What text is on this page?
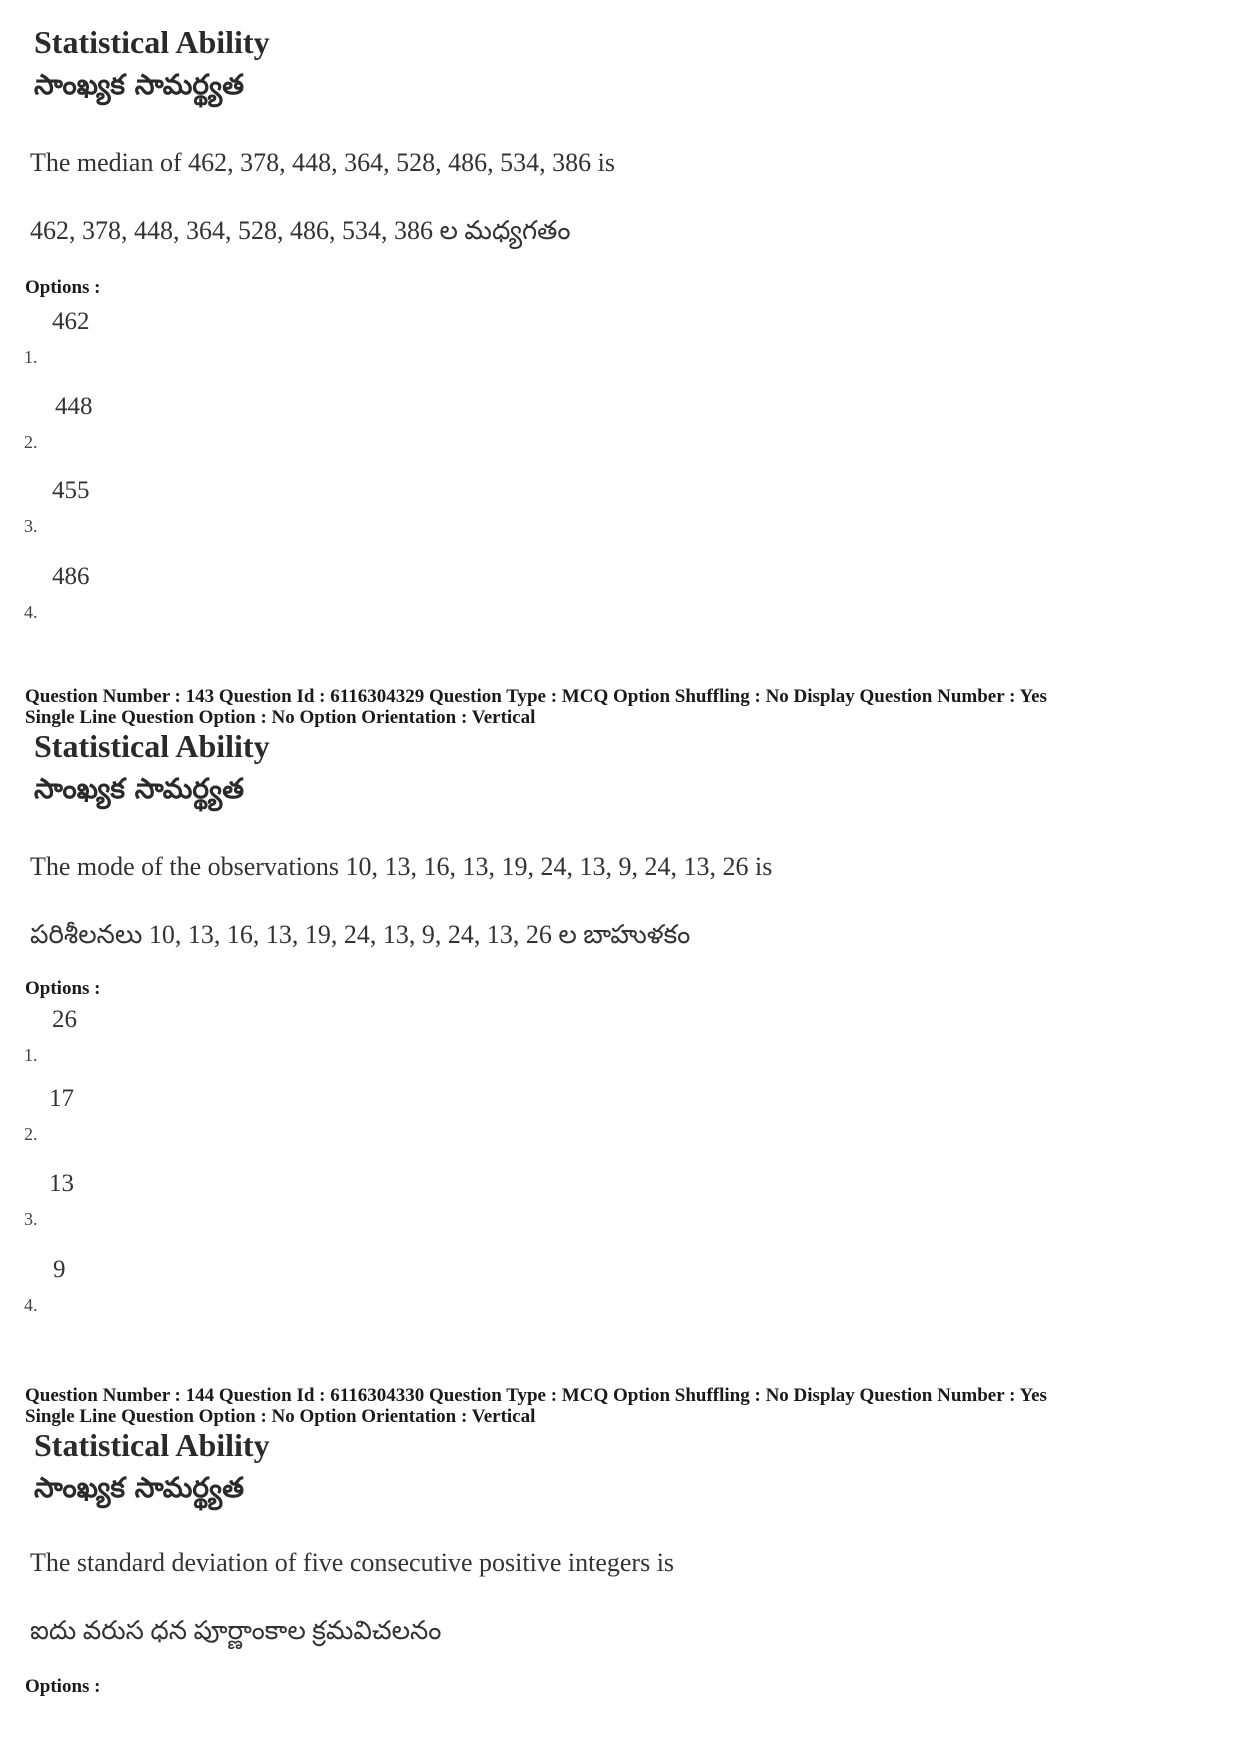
Statistical Ability
సాంఖ్యక సామర్థ్యత
The median of 462, 378, 448, 364, 528, 486, 534, 386 is
462, 378, 448, 364, 528, 486, 534, 386 ల మధ్యగతం
Options :
1.
462
2.
448
3.
455
4.
486
Question Number : 143 Question Id : 6116304329 Question Type : MCQ Option Shuffling : No Display Question Number : Yes
Single Line Question Option : No Option Orientation : Vertical
Statistical Ability
సాంఖ్యక సామర్థ్యత
The mode of the observations 10, 13, 16, 13, 19, 24, 13, 9, 24, 13, 26 is
పరిశీలనలు 10, 13, 16, 13, 19, 24, 13, 9, 24, 13, 26 ల బాహుళకం
Options :
1.
26
2.
17
3.
13
4.
9
Question Number : 144 Question Id : 6116304330 Question Type : MCQ Option Shuffling : No Display Question Number : Yes
Single Line Question Option : No Option Orientation : Vertical
Statistical Ability
సాంఖ్యక సామర్థ్యత
The standard deviation of five consecutive positive integers is
ఐదు వరుస ధన పూర్ణాంకాల క్రమవిచలనం
Options :
